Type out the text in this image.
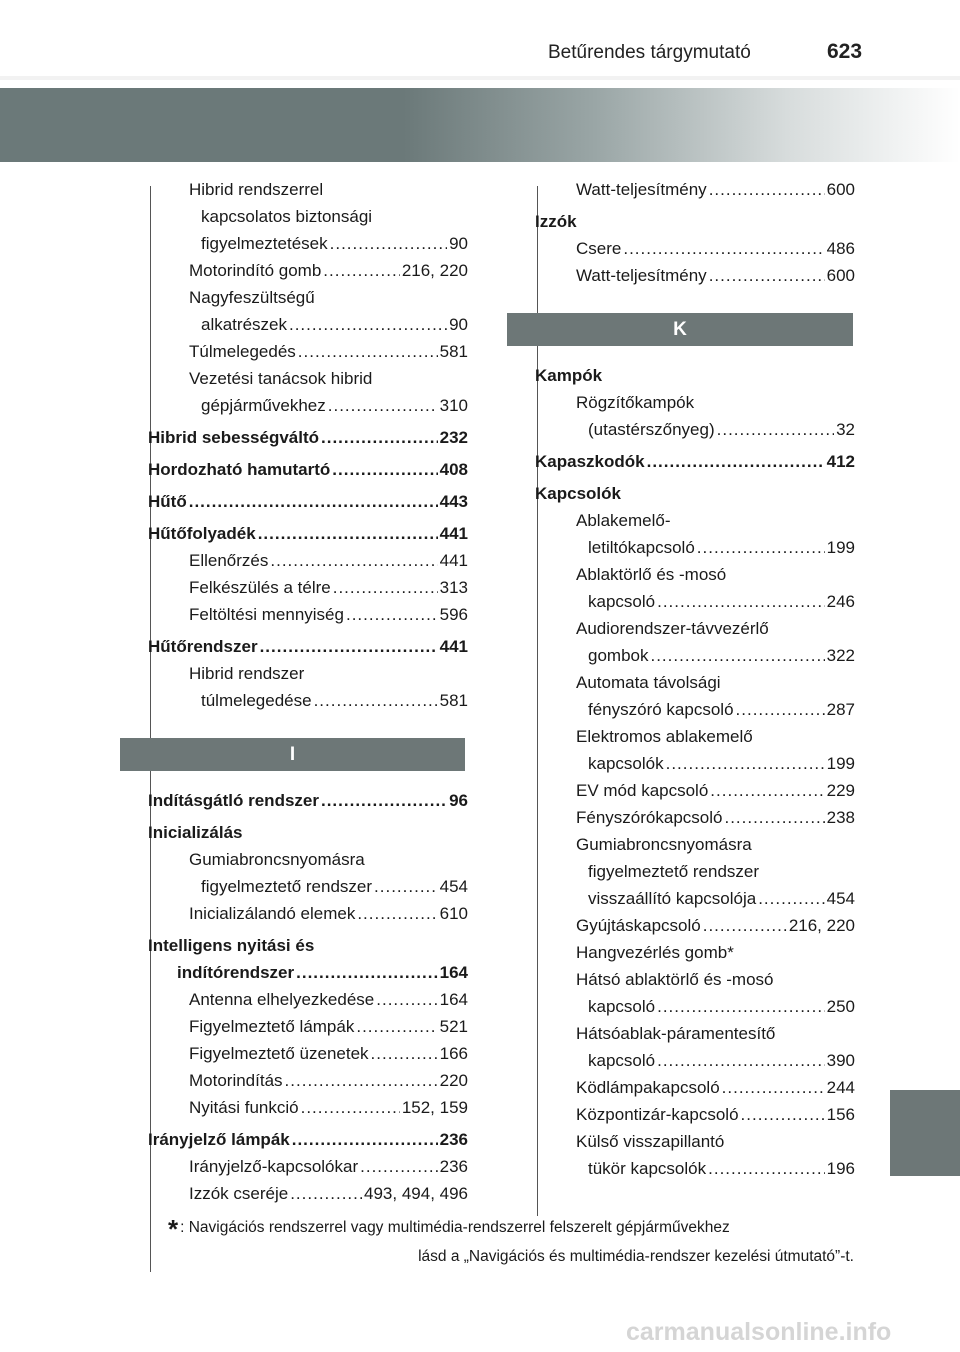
Betűrendes tárgymutató	623
Hibrid rendszerrel
kapcsolatos biztonsági
figyelmeztetések .....	90
Motorindító gomb .....	216, 220
Nagyfeszültségű
alkatrészek .....	90
Túlmelegedés .....	581
Vezetési tanácsok hibrid
gépjárművekhez .....	310
Hibrid sebességváltó .....	232
Hordozható hamutartó .....	408
Hűtő .....	443
Hűtőfolyadék .....	441
Ellenőrzés .....	441
Felkészülés a télre .....	313
Feltöltési mennyiség .....	596
Hűtőrendszer .....	441
Hibrid rendszer
túlmelegedése .....	581
I
Indításgátló rendszer .....	96
Inicializálás
Gumiabroncsnyomásra
figyelmeztető rendszer .....	454
Inicializálandó elemek .....	610
Intelligens nyitási és
indítórendszer .....	164
Antenna elhelyezkedése .....	164
Figyelmeztető lámpák .....	521
Figyelmeztető üzenetek .....	166
Motorindítás .....	220
Nyitási funkció .....	152, 159
Irányjelző lámpák .....	236
Irányjelző-kapcsolókar .....	236
Izzók cseréje .....	493, 494, 496
Watt-teljesítmény .....	600
Izzók
Csere .....	486
Watt-teljesítmény .....	600
K
Kampók
Rögzítőkampók
(utastérszőnyeg) .....	32
Kapaszkodók .....	412
Kapcsolók
Ablakemelő-
letiltókapcsoló .....	199
Ablaktörlő és -mosó
kapcsoló .....	246
Audiorendszer-távvezérlő
gombok .....	322
Automata távolsági
fényszóró kapcsoló .....	287
Elektromos ablakemelő
kapcsolók .....	199
EV mód kapcsoló .....	229
Fényszórókapcsoló .....	238
Gumiabroncsnyomásra
figyelmeztető rendszer
visszaállító kapcsolója .....	454
Gyújtáskapcsoló .....	216, 220
Hangvezérlés gomb*
Hátsó ablaktörlő és -mosó
kapcsoló .....	250
Hátsóablak-páramentesítő
kapcsoló .....	390
Ködlámpakapcsoló .....	244
Központizár-kapcsoló .....	156
Külső visszapillantó
tükör kapcsolók .....	196
* : Navigációs rendszerrel vagy multimédia-rendszerrel felszerelt gépjárművekhez
lásd a „Navigációs és multimédia-rendszer kezelési útmutató”-t.
carmanualsonline.info
